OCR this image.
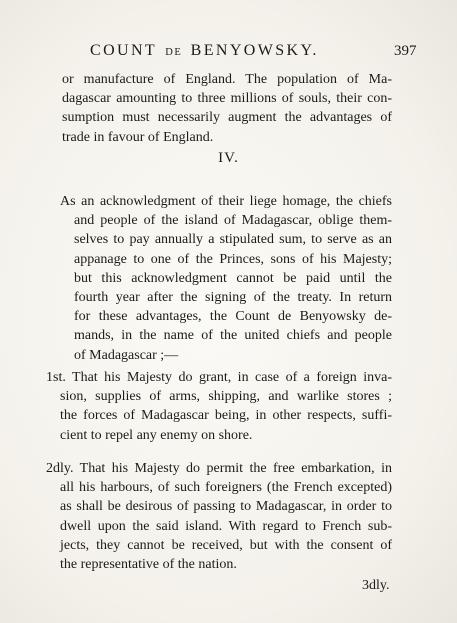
COUNT DE BENYOWSKY.	397
or manufacture of England. The population of Ma-
dagascar amounting to three millions of souls, their con-
sumption must necessarily augment the advantages of
trade in favour of England.
IV.
As an acknowledgment of their liege homage, the chiefs
and people of the island of Madagascar, oblige them-
selves to pay annually a stipulated sum, to serve as an
appanage to one of the Princes, sons of his Majesty;
but this acknowledgment cannot be paid until the
fourth year after the signing of the treaty. In return
for these advantages, the Count de Benyowsky de-
mands, in the name of the united chiefs and people
of Madagascar ;—
1st. That his Majesty do grant, in case of a foreign inva-
sion, supplies of arms, shipping, and warlike stores ;
the forces of Madagascar being, in other respects, suffi-
cient to repel any enemy on shore.
2dly. That his Majesty do permit the free embarkation, in
all his harbours, of such foreigners (the French excepted)
as shall be desirous of passing to Madagascar, in order to
dwell upon the said island. With regard to French sub-
jects, they cannot be received, but with the consent of
the representative of the nation.
3dly.
